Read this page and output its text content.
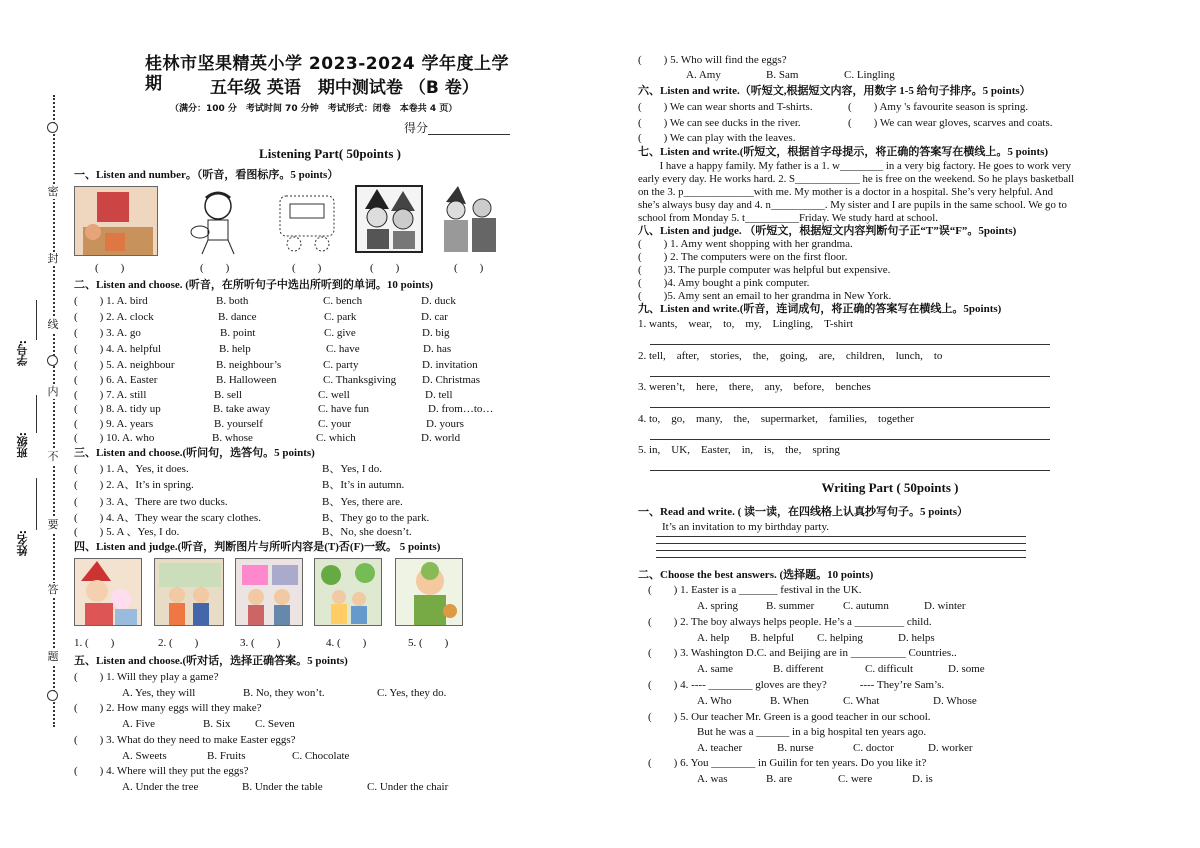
密
封
线
内
不
要
答
题
学号:
班级:
姓名:
桂林市坚果精英小学 2023-2024 学年度上学期	五年级 英语　期中测试卷 （B 卷）
（满分：100 分　考试时间 70 分钟　考试形式：闭卷　本卷共 4 页）
得分
Listening Part( 50points )
一、Listen and number。（听音，看图标序。5 points）
(　　)	(　　)	(　　)	(　　)	(　　)
二、Listen and choose. (听音，在所听句子中选出所听到的单词。10 points)
(　　) 1. A. bird	B. both	C. bench	D. duck
(　　) 2. A. clock	B. dance	C. park	D. car
(　　) 3. A. go	B. point	C. give	D. big
(　　) 4. A. helpful	B. help	C. have	D. has
(　　) 5. A. neighbour	B. neighbour’s	C. party	D. invitation
(　　) 6. A. Easter	B. Halloween	C. Thanksgiving D. Christmas
(　　) 7. A. still	B. sell	C. well	D. tell
(　　) 8. A. tidy up	B. take away	C. have fun	D. from…to…
(　　) 9. A. years	B. yourself	C. your	D. yours
(　　) 10. A. who	B. whose	C. which	D. world
三、Listen and choose.(听问句，选答句。5 points)
(　　) 1. A、Yes, it does.	B、Yes, I do.
(　　) 2. A、It’s in spring.	B、It’s in autumn.
(　　) 3. A、There are two ducks.	B、Yes, there are.
(　　) 4. A、They wear the scary clothes.	B、They go to the park.
(　　) 5. A 、Yes, I do.	B、No, she doesn’t.
四、Listen and judge.(听音，判断图片与所听内容是(T)否(F)一致。 5 points)
1. (　　)	2. (　　)	3. (　　)	4. (　　)	5. (　　)
五、Listen and choose.(听对话，选择正确答案。5 points)
(　　) 1. Will they play a game?
A. Yes, they will	B. No, they won’t.	C. Yes, they do.
(　　) 2. How many eggs will they make?
A. Five	B. Six C. Seven
(　　) 3. What do they need to make Easter eggs?
A. Sweets	B. Fruits	C. Chocolate
(　　) 4. Where will they put the eggs?
A. Under the tree	B. Under the table	C. Under the chair
(　　) 5. Who will find the eggs?
A. Amy	B. Sam	C. Lingling
六、Listen and write.（听短文,根据短文内容，用数字 1-5 给句子排序。5 points）
(　　) We can wear shorts and T-shirts.	(　　) Amy 's favourite season is spring.
(　　) We can see ducks in the river.	(　　) We can wear gloves, scarves and coats.
(　　) We can play with the leaves.
七、Listen and write.(听短文，根据首字母提示，将正确的答案写在横线上。5 points)
　　I have a happy family. My father is a 1. w________ in a very big factory. He goes to work very
early every day. He works hard. 2. S____________ he is free on the weekend. So he plays basketball
on the 3. p_____________with me. My mother is a doctor in a hospital. She’s very helpful. And
she’s always busy day and 4. n__________. My sister and I are pupils in the same school. We go to
school from Monday 5. t__________Friday. We study hard at school.
八、Listen and judge. （听短文，根据短文内容判断句子正“T”误“F”。5points)
(　　) 1. Amy went shopping with her grandma.
(　　) 2. The computers were on the first floor.
(　　)3. The purple computer was helpful but expensive.
(　　)4. Amy bought a pink computer.
(　　)5. Amy sent an email to her grandma in New York.
九、Listen and write.(听音，连词成句，将正确的答案写在横线上。5points)
1. wants,　wear,　to,　my,　Lingling,　T-shirt
2. tell,　after,　stories,　the,　going,　are,　children,　lunch,　to
3. weren’t,　here,　there,　any,　before,　benches
4. to,　go,　many,　the,　supermarket,　families,　together
5. in,　UK,　Easter,　in,　is,　the,　spring
Writing Part ( 50points )
一、Read and write. ( 读一读，在四线格上认真抄写句子。5 points）
It’s an invitation to my birthday party.
二、Choose the best answers. (选择题。10 points)
(　　) 1. Easter is a _______ festival in the UK.
A. spring	B. summer	C. autumn	D. winter
(　　) 2. The boy always helps people. He’s a _________ child.
A. help B. helpful C. helping	D. helps
(　　) 3. Washington D.C. and Beijing are in __________ Countries..
A. same	B. different	C. difficult	D. some
(　　) 4. ---- ________ gloves are they?　　　---- They’re Sam’s.
A. Who	B. When	C. What	D. Whose
(　　) 5. Our teacher Mr. Green is a good teacher in our school.
But he was a ______ in a big hospital ten years ago.
A. teacher	B. nurse	C. doctor	D. worker
(　　) 6. You ________ in Guilin for ten years. Do you like it?
A. was	B. are	C. were	D. is
